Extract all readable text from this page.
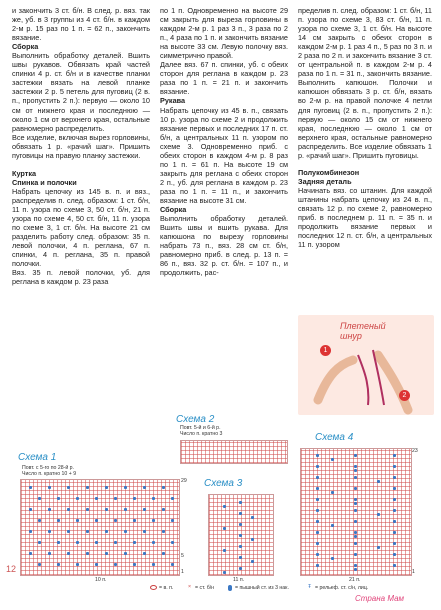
и закончить 3 ст. б/н. В след. р. вяз. так же, уб. в 3 группы из 4 ст. б/н. в каждом 2-м р. 15 раз по 1 п. = 62 п., закончить вязание.

Сборка

Выполнить обработку деталей. Вшить швы рукавов. Обвязать край частей спинки 4 р. ст. б/н и в качестве планки застежки вязать на левой планке застежки 2 р. 5 петель для пуговиц (2 в. п., пропустить 2 п.): первую — около 10 см от нижнего края и последнюю — около 1 см от верхнего края, остальные равномерно распределить.

Все изделие, включая вырез горловины, обвязать 1 р. «рачий шаг». Пришить пуговицы на правую планку застежки.

Куртка

Спинка и полочки

Набрать цепочку из 145 в. п. и вяз., распределив п. след. образом: 1 ст. б/н, 11 п. узора по схеме 3, 50 ст. б/н, 21 п. узора по схеме 4, 50 ст. б/н, 11 п. узора по схеме 3, 1 ст. б/н. На высоте 21 см разделить работу след. образом: 35 п. левой полочки, 4 п. реглана, 67 п. спинки, 4 п. реглана, 35 п. правой полочки.

Вяз. 35 п. левой полочки, уб. для реглана в каждом р. 23 раза

по 1 п. Одновременно на высоте 29 см закрыть для выреза горловины в каждом 2-м р. 1 раз 3 п., 3 раза по 2 п., 4 раза по 1 п. и закончить вязание на высоте 33 см. Левую полочку вяз. симметрично правой.

Далее вяз. 67 п. спинки, уб. с обеих сторон для реглана в каждом р. 23 раза по 1 п. = 21 п. и закончить вязание.

Рукава

Набрать цепочку из 45 в. п., связать 10 р. узора по схеме 2 и продолжить вязание первых и последних 17 п. ст. б/н, а центральных 11 п. узором по схеме 3. Одновременно приб. с обеих сторон в каждом 4-м р. 8 раз по 1 п. = 61 п. На высоте 19 см закрыть для реглана с обеих сторон 2 п., уб. для реглана в каждом р. 23 раза по 1 п. = 11 п., и закончить вязание на высоте 31 см.

Сборка

Выполнить обработку деталей. Вшить швы и вшить рукава. Для капюшона по вырезу горловины набрать 73 п., вяз. 28 см ст. б/н, равномерно приб. в след. р. 13 п. = 86 п., вяз. 32 р. ст. б/н. = 107 п., и продолжить, рас-

пределив п. след. образом: 1 ст. б/н, 11 п. узора по схеме 3, 83 ст. б/н, 11 п. узора по схеме 3, 1 ст. б/н. На высоте 14 см закрыть с обеих сторон в каждом 2-м р. 1 раз 4 п., 5 раз по 3 п. и 2 раза по 2 п. и закончить вязание 3 ст. от центральной п. в каждом 2-м р. 4 раза по 1 п. = 31 п., закончить вязание. Выполнить капюшон. Полочки и капюшон обвязать 3 р. ст. б/н, вязать во 2-м р. на правой полочке 4 петли для пуговиц (2 в. п., пропустить 2 п.): первую — около 15 см от нижнего края, последнюю — около 1 см от верхнего края, остальные равномерно распределить. Все изделие обвязать 1 р. «рачий шаг». Пришить пуговицы.

Полукомбинезон

Задняя деталь

Начинать вяз. со штанин. Для каждой штанины набрать цепочку из 24 в. п., связать 12 р. по схеме 2, равномерно приб. в последнем р. 11 п. = 35 п. и продолжить вязание первых и последних 12 п. ст. б/н, а центральных 11 п. узором

Плетеный шнур
1
2
Схема 2
Повт. 5-й и 6-й р.
Число п. кратно 3
Схема 1
Повт. с 5-го по 28-й р.
Число п. кратно 10 + 9
29
5
1
10 п.
Схема 3
11 п.
Схема 4
23
1
21 п.
= в. п.	× = ст. б/н	= пышный ст. из 3 нак.	Ŧ = рельеф. ст. с/н, лиц.
12
Страна Мам
